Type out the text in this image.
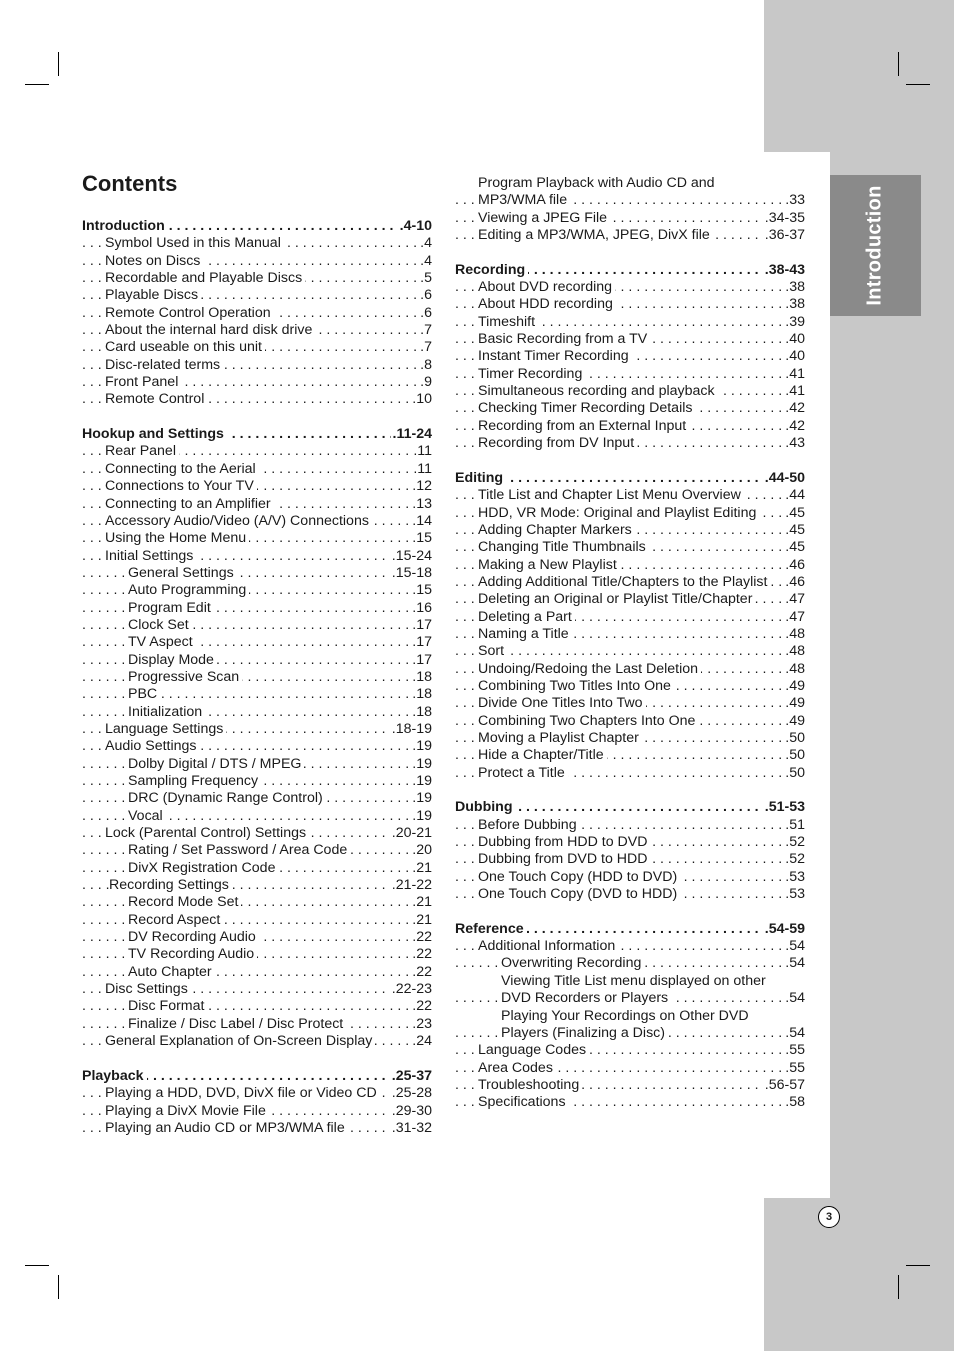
Introduction
Contents
. . .
Introduction	.4-10
. . .
Symbol Used in this Manual	.4
. . .
Notes on Discs	.4
. . .
Recordable and Playable Discs	.5
. . .
Playable Discs	.6
. . .
Remote Control Operation	.6
. . .
About the internal hard disk drive	.7
. . .
Card useable on this unit	.7
. . .
Disc-related terms	.8
. . .
Front Panel	.9
. . .
Remote Control	.10
. . .
Hookup and Settings	.11-24
. . .
Rear Panel	.11
. . .
Connecting to the Aerial	.11
. . .
Connections to Your TV	.12
. . .
Connecting to an Amplifier	.13
. . .
Accessory Audio/Video (A/V) Connections	.14
. . .
Using the Home Menu	.15
. . .
Initial Settings	.15-24
. . .
General Settings	.15-18
. . .
Auto Programming	.15
. . .
Program Edit	.16
. . .
Clock Set	.17
. . .
TV Aspect	.17
. . .
Display Mode	.17
. . .
Progressive Scan	.18
. . .
PBC	.18
. . .
Initialization	.18
. . .
Language Settings	.18-19
. . .
Audio Settings	.19
. . .
Dolby Digital / DTS / MPEG	.19
. . .
Sampling Frequency	.19
. . .
DRC (Dynamic Range Control)	.19
. . .
Vocal	.19
. . .
Lock (Parental Control) Settings	.20-21
. . .
Rating / Set Password / Area Code	.20
. . .
DivX Registration Code	.21
. . .
Recording Settings	.21-22
. . .
Record Mode Set	.21
. . .
Record Aspect	.21
. . .
DV Recording Audio	.22
. . .
TV Recording Audio	.22
. . .
Auto Chapter	.22
. . .
Disc Settings	.22-23
. . .
Disc Format	.22
. . .
Finalize / Disc Label / Disc Protect	.23
. . .
General Explanation of On-Screen Display	.24
. . .
Playback	.25-37
. . .
Playing a HDD, DVD, DivX file or Video CD .25-28
. . .
Playing a DivX Movie File	.29-30
. . .
Playing an Audio CD or MP3/WMA file	.31-32
Program Playback with Audio CD and
. . .
MP3/WMA file	.33
. . .
Viewing a JPEG File	.34-35
. . .
Editing a MP3/WMA, JPEG, DivX file	.36-37
. . .
Recording	.38-43
. . .
About DVD recording	.38
. . .
About HDD recording	.38
. . .
Timeshift	.39
. . .
Basic Recording from a TV	.40
. . .
Instant Timer Recording	.40
. . .
Timer Recording	.41
. . .
Simultaneous recording and playback	.41
. . .
Checking Timer Recording Details	.42
. . .
Recording from an External Input	.42
. . .
Recording from DV Input	.43
. . .
Editing	.44-50
. . .
Title List and Chapter List Menu Overview	.44
. . .
HDD, VR Mode: Original and Playlist Editing .45
. . .
Adding Chapter Markers	.45
. . .
Changing Title Thumbnails	.45
. . .
Making a New Playlist	.46
. . .
Adding Additional Title/Chapters to the Playlist .46
. . .
Deleting an Original or Playlist Title/Chapter .47
. . .
Deleting a Part	.47
. . .
Naming a Title	.48
. . .
Sort	.48
. . .
Undoing/Redoing the Last Deletion	.48
. . .
Combining Two Titles Into One	.49
. . .
Divide One Titles Into Two	.49
. . .
Combining Two Chapters Into One	.49
. . .
Moving a Playlist Chapter	.50
. . .
Hide a Chapter/Title	.50
. . .
Protect a Title	.50
. . .
Dubbing	.51-53
. . .
Before Dubbing	.51
. . .
Dubbing from HDD to DVD	.52
. . .
Dubbing from DVD to HDD	.52
. . .
One Touch Copy (HDD to DVD)	.53
. . .
One Touch Copy (DVD to HDD)	.53
. . .
Reference	.54-59
. . .
Additional Information	.54
. . .
Overwriting Recording	.54
Viewing Title List menu displayed on other
. . .
DVD Recorders or Players	.54
Playing Your Recordings on Other DVD
. . .
Players (Finalizing a Disc)	.54
. . .
Language Codes	.55
. . .
Area Codes	.55
. . .
Troubleshooting	.56-57
. . .
Specifications	.58
3
